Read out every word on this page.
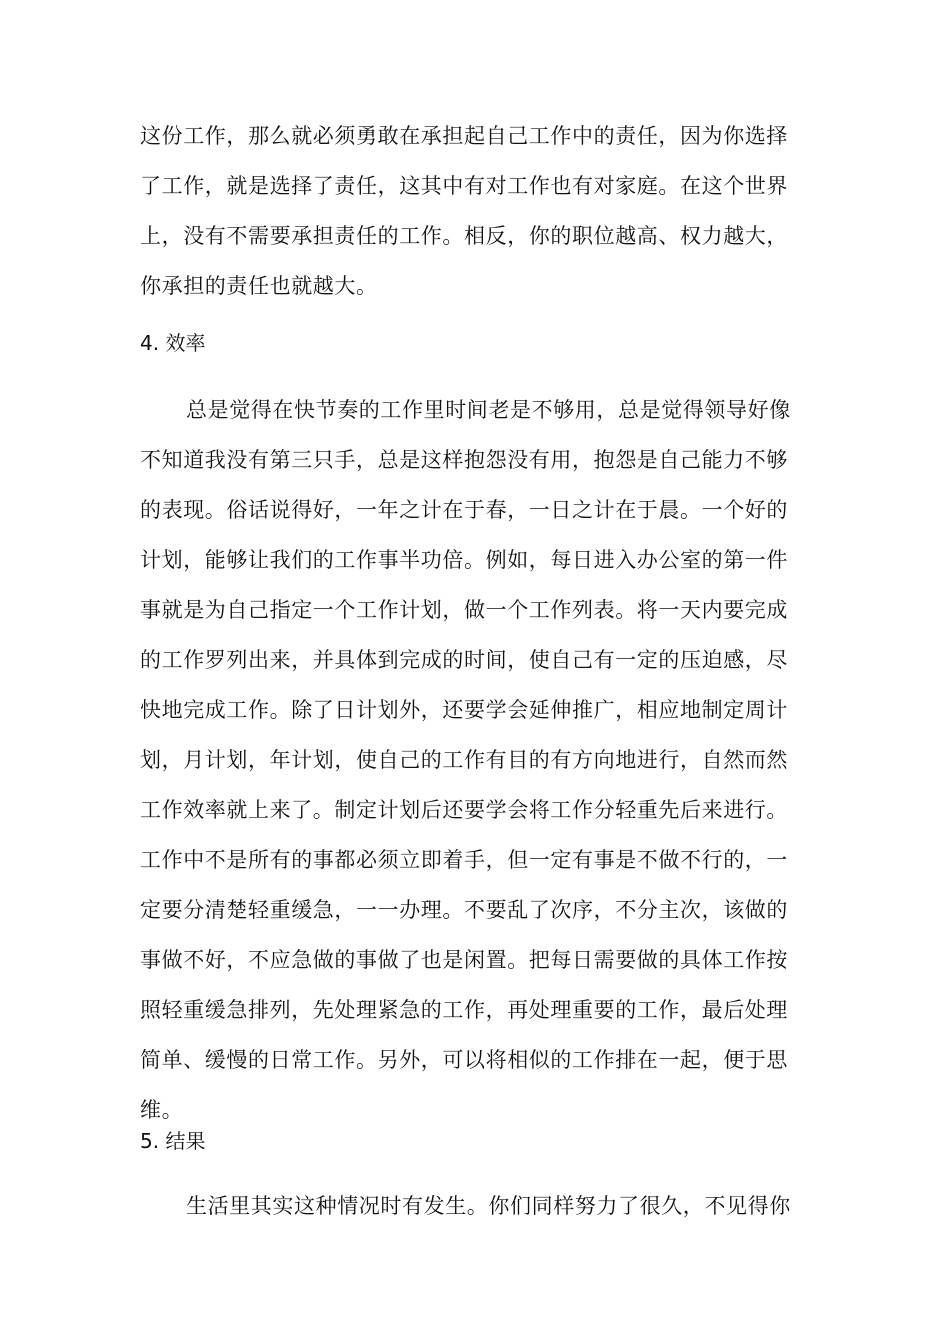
这份工作，那么就必须勇敢在承担起自己工作中的责任，因为你选择
了工作，就是选择了责任，这其中有对工作也有对家庭。在这个世界
上，没有不需要承担责任的工作。相反，你的职位越高、权力越大，
你承担的责任也就越大。
4. 效率
总是觉得在快节奏的工作里时间老是不够用，总是觉得领导好像
不知道我没有第三只手，总是这样抱怨没有用，抱怨是自己能力不够
的表现。俗话说得好，一年之计在于春，一日之计在于晨。一个好的
计划，能够让我们的工作事半功倍。例如，每日进入办公室的第一件
事就是为自己指定一个工作计划，做一个工作列表。将一天内要完成
的工作罗列出来，并具体到完成的时间，使自己有一定的压迫感，尽
快地完成工作。除了日计划外，还要学会延伸推广，相应地制定周计
划，月计划，年计划，使自己的工作有目的有方向地进行，自然而然
工作效率就上来了。制定计划后还要学会将工作分轻重先后来进行。
工作中不是所有的事都必须立即着手，但一定有事是不做不行的，一
定要分清楚轻重缓急，一一办理。不要乱了次序，不分主次，该做的
事做不好，不应急做的事做了也是闲置。把每日需要做的具体工作按
照轻重缓急排列，先处理紧急的工作，再处理重要的工作，最后处理
简单、缓慢的日常工作。另外，可以将相似的工作排在一起，便于思
维。
5. 结果
生活里其实这种情况时有发生。你们同样努力了很久，不见得你
